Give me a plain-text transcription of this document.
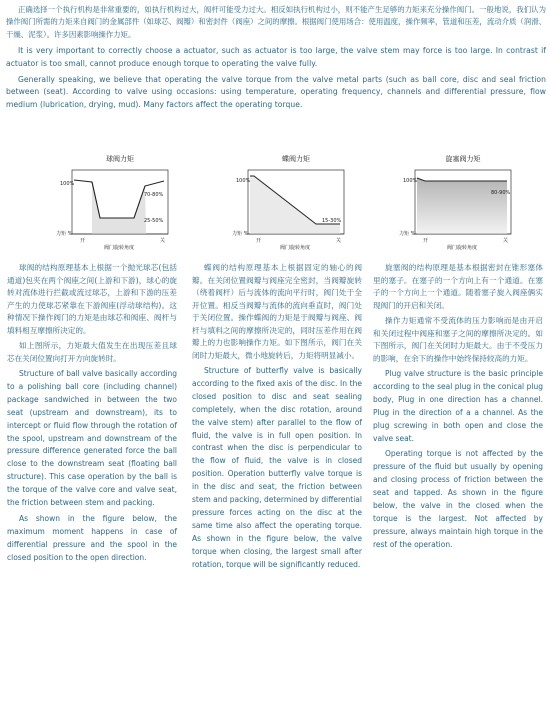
正确选择一个执行机构是非常重要的，如执行机构过大，阀杆可能受力过大。相反如执行机构过小，则不能产生足够的力矩来充分操作阀门。一般地说，我们认为操作阀门所需的力矩来自阀门的金属部件（如球芯、阀瓣）和密封件（阀座）之间的摩擦。根据阀门使用场合：使用温度，操作频率，管道和压差，流动介质（润滑、干燥、泥浆）。许多因素影响操作力矩。

It is very important to correctly choose a actuator, such as actuator is too large, the valve stem may force is too large. In contrast if actuator is too small, cannot produce enough torque to operating the valve fully.

Generally speaking, we believe that operating the valve torque from the valve metal parts (such as ball core, disc and seal friction between (seat). According to valve using occasions: using temperature, operating frequency, channels and differential pressure, flow medium (lubrication, drying, mud). Many factors affect the operating torque.

球阀力矩
100%
70-80%
25-50%
力矩 %
开	关
阀门旋转角度
蝶阀力矩
100%
15-30%
力矩 %
开	关
阀门旋转角度
旋塞阀力矩
100%
80-90%
力矩 %
开	关
阀门旋转角度

球阀的结构原理基本上根据一个抛光球芯(包括通道)包夹在两个阀座之间(上游和下游)，球心的旋转对流体进行拦截或流过球芯，上游和下游的压差产生的力使球芯紧靠在下游阀座(浮动球结构)。这种情况下操作阀门的力矩是由球芯和阀座、阀杆与填料相互摩擦所决定的。

如上图所示，力矩最大值发生在出现压差且球芯在关闭位置向打开方向旋转时。

Structure of ball valve basically according to a polishing ball core (including channel) package sandwiched in between the two seat (upstream and downstream), its to intercept or fluid flow through the rotation of the spool, upstream and downstream of the pressure difference generated force the ball close to the downstream seat (floating ball structure). This case operation by the ball is the torque of the valve core and valve seat, the friction between stem and packing.

As shown in the figure below, the maximum moment happens in case of differential pressure and the spool in the closed position to the open direction.

蝶阀的结构原理基本上根据固定的轴心的阀瓣。在关闭位置阀瓣与阀座完全密封，当阀瓣旋转（绕着阀杆）后与流体的流向平行时，阀门处于全开位置。相反当阀瓣与流体的流向垂直时，阀门处于关闭位置。操作蝶阀的力矩是于阀瓣与阀座、阀杆与填料之间的摩擦所决定的，同时压差作用在阀瓣上的力也影响操作力矩。如下图所示，阀门在关闭时力矩最大，微小地旋转后，力矩将明显减小。

Structure of butterfly valve is basically according to the fixed axis of the disc. In the closed position to disc and seat sealing completely, when the disc rotation, around the valve stem) after parallel to the flow of fluid, the valve is in full open position. In contrast when the disc is perpendicular to the flow of fluid, the valve is in closed position. Operation butterfly valve torque is in the disc and seat, the friction between stem and packing, determined by differential pressure forces acting on the disc at the same time also affect the operating torque. As shown in the figure below, the valve torque when closing, the largest small after rotation, torque will be significantly reduced.

旋塞阀的结构原理是基本根据密封在锥形塞体里的塞子。在塞子的一个方向上有一个通道。在塞子的一个方向上一个通道。随着塞子旋入阀座俩实现阀门的开启和关闭。

操作力矩通常不受流体的压力影响而是由开启和关闭过程中阀座和塞子之间的摩擦所决定的。如下图所示，阀门在关闭时力矩最大。由于不受压力的影响，在余下的操作中始终保持较高的力矩。

Plug valve structure is the basic principle according to the seal plug in the conical plug body, Plug in one direction has a channel. Plug in the direction of a a channel. As the plug screwing in both open and close the valve seat.

Operating torque is not affected by the pressure of the fluid but usually by opening and closing process of friction between the seat and tapped. As shown in the figure below, the valve in the closed when the torque is the largest. Not affected by pressure, always maintain high torque in the rest of the operation.
